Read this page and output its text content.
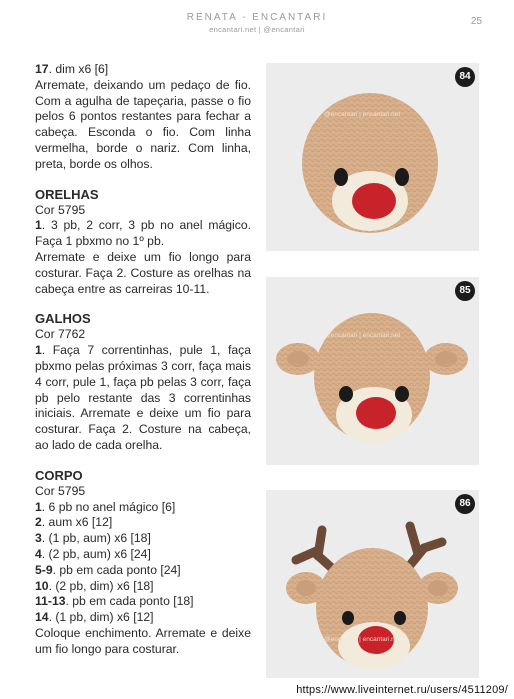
RENATA - ENCANTARI
encantari.net | @encantari
25
17. dim x6 [6]
Arremate, deixando um pedaço de fio. Com a agulha de tapeçaria, passe o fio pelos 6 pontos restantes para fechar a cabeça. Esconda o fio. Com linha vermelha, borde o nariz. Com linha, preta, borde os olhos.
ORELHAS
Cor 5795
1. 3 pb, 2 corr, 3 pb no anel mágico. Faça 1 pbxmo no 1º pb.
Arremate e deixe um fio longo para costurar. Faça 2. Costure as orelhas na cabeça entre as carreiras 10-11.
GALHOS
Cor 7762
1. Faça 7 correntinhas, pule 1, faça pbxmo pelas próximas 3 corr, faça mais 4 corr, pule 1, faça pb pelas 3 corr, faça pb pelo restante das 3 correntinhas iniciais. Arremate e deixe um fio para costurar. Faça 2. Costure na cabeça, ao lado de cada orelha.
CORPO
Cor 5795
1. 6 pb no anel mágico [6]
2. aum x6 [12]
3. (1 pb, aum) x6 [18]
4. (2 pb, aum) x6 [24]
5-9. pb em cada ponto [24]
10. (2 pb, dim) x6 [18]
11-13. pb em cada ponto [18]
14. (1 pb, dim) x6 [12]
Coloque enchimento. Arremate e deixe um fio longo para costurar.
@encantari | encantari.net
84
@encantari | encantari.net
85
@encantari | encantari.net
86
https://www.liveinternet.ru/users/4511209/
